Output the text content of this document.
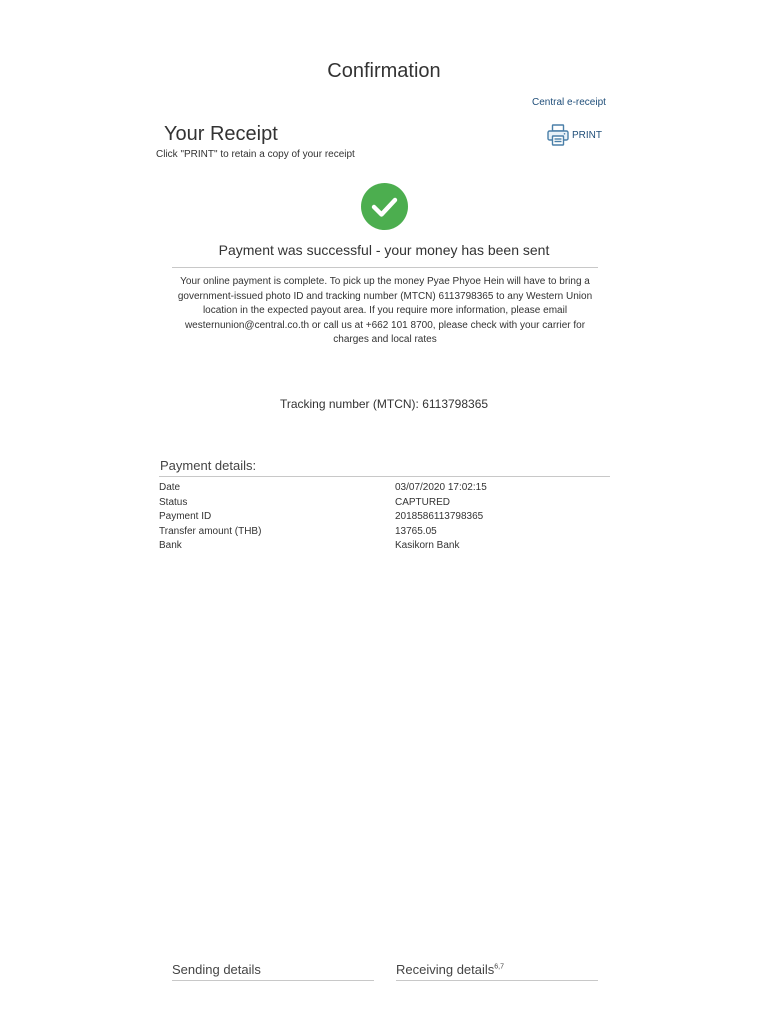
Confirmation
Central e-receipt
Your Receipt
Click "PRINT" to retain a copy of your receipt
PRINT
Payment was successful - your money has been sent
Your online payment is complete. To pick up the money Pyae Phyoe Hein will have to bring a government-issued photo ID and tracking number (MTCN) 6113798365 to any Western Union location in the expected payout area. If you require more information, please email westernunion@central.co.th or call us at +662 101 8700, please check with your carrier for charges and local rates
Tracking number (MTCN): 6113798365
Payment details:
Date	03/07/2020 17:02:15
Status	CAPTURED
Payment ID	2018586113798365
Transfer amount (THB)	13765.05
Bank	Kasikorn Bank
Sending details	Receiving details$^{6,7}$
